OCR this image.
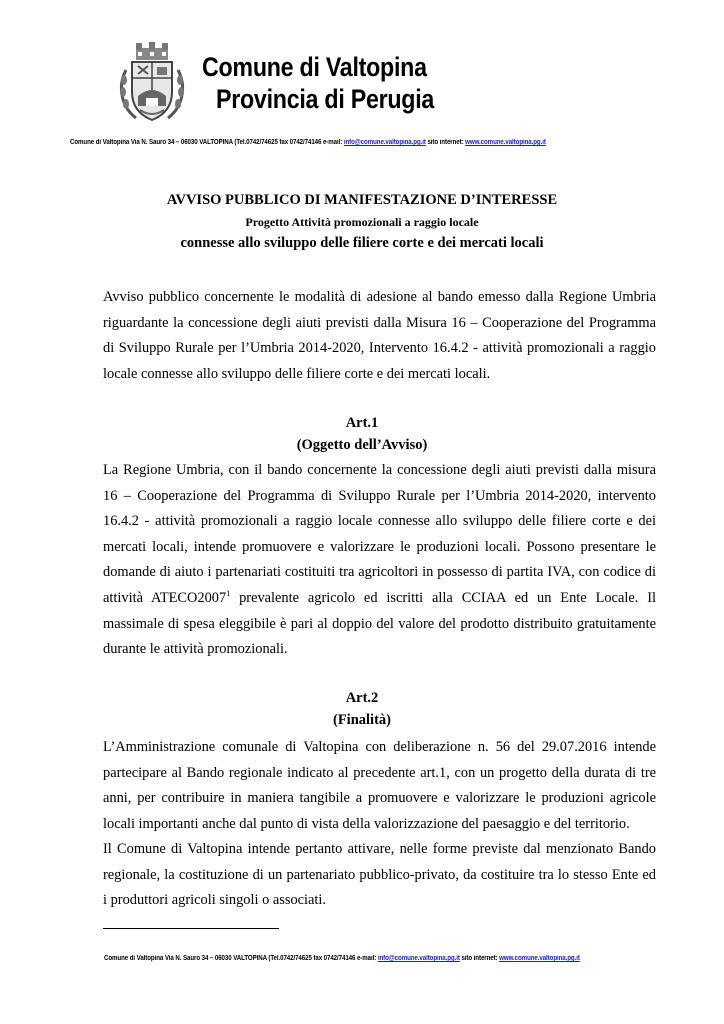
Comune di Valtopina
Provincia di Perugia
Comune di Valtopina Via N. Sauro 34 – 06030 VALTOPINA (Tel.0742/74625 fax 0742/74146 e-mail: info@comune.valtopina.pg.it sito internet: www.comune.valtopina.pg.it
AVVISO PUBBLICO DI MANIFESTAZIONE D’INTERESSE
Progetto Attività promozionali a raggio locale
connesse allo sviluppo delle filiere corte e dei mercati locali
Avviso pubblico concernente le modalità di adesione al bando emesso dalla Regione Umbria riguardante la concessione degli aiuti previsti dalla Misura 16 – Cooperazione del Programma di Sviluppo Rurale per l’Umbria 2014-2020, Intervento 16.4.2 - attività promozionali a raggio locale connesse allo sviluppo delle filiere corte e dei mercati locali.
Art.1
(Oggetto dell’Avviso)
La Regione Umbria, con il bando concernente la concessione degli aiuti previsti dalla misura 16 – Cooperazione del Programma di Sviluppo Rurale per l’Umbria 2014-2020, intervento 16.4.2 - attività promozionali a raggio locale connesse allo sviluppo delle filiere corte e dei mercati locali, intende promuovere e valorizzare le produzioni locali. Possono presentare le domande di aiuto i partenariati costituiti tra agricoltori in possesso di partita IVA, con codice di attività ATECO2007$^1$ prevalente agricolo ed iscritti alla CCIAA ed un Ente Locale. Il massimale di spesa eleggibile è pari al doppio del valore del prodotto distribuito gratuitamente durante le attività promozionali.
Art.2
(Finalità)
L’Amministrazione comunale di Valtopina con deliberazione n. 56 del 29.07.2016 intende partecipare al Bando regionale indicato al precedente art.1, con un progetto della durata di tre anni, per contribuire in maniera tangibile a promuovere e valorizzare le produzioni agricole locali importanti anche dal punto di vista della valorizzazione del paesaggio e del territorio.
Il Comune di Valtopina intende pertanto attivare, nelle forme previste dal menzionato Bando regionale, la costituzione di un partenariato pubblico-privato, da costituire tra lo stesso Ente ed i produttori agricoli singoli o associati.
Comune di Valtopina Via N. Sauro 34 – 06030 VALTOPINA (Tel.0742/74625 fax 0742/74146 e-mail: info@comune.valtopina.pg.it sito internet: www.comune.valtopina.pg.it
